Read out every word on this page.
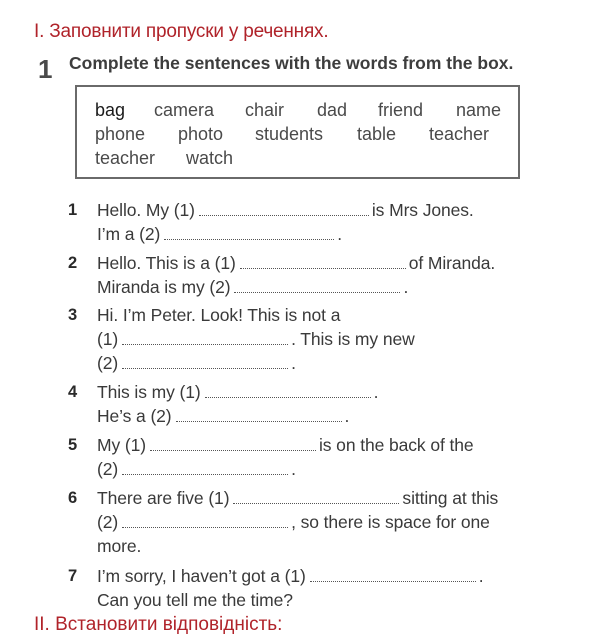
I. Заповнити пропуски у реченнях.
1 Complete the sentences with the words from the box.
bag camera chair dad friend name
phone photo students table teacher
teacher watch
1 Hello. My (1)	is Mrs Jones.
I’m a (2)	.
2 Hello. This is a (1)	of Miranda.
Miranda is my (2)	.
3 Hi. I’m Peter. Look! This is not a
(1)	. This is my new
(2)	.
4 This is my (1)	.
He’s a (2)	.
5 My (1)	is on the back of the
(2)	.
6 There are five (1)	sitting at this
(2)	, so there is space for one
more.
7 I’m sorry, I haven’t got a (1)	.
Can you tell me the time?
II. Встановити відповідність:
